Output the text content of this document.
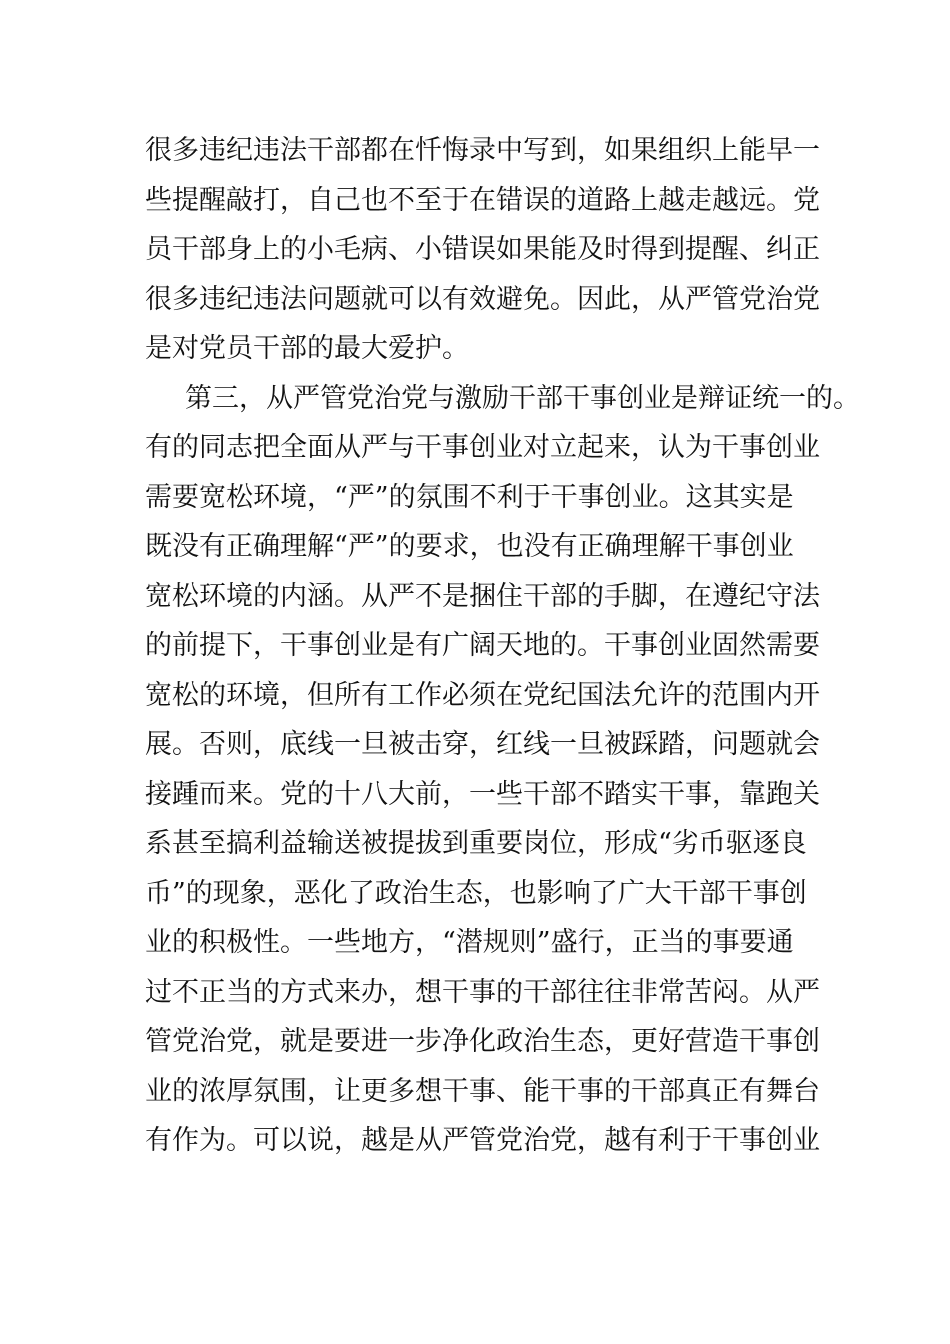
很多违纪违法干部都在忏悔录中写到，如果组织上能早一
些提醒敲打，自己也不至于在错误的道路上越走越远。党
员干部身上的小毛病、小错误如果能及时得到提醒、纠正
很多违纪违法问题就可以有效避免。因此，从严管党治党
是对党员干部的最大爱护。
第三，从严管党治党与激励干部干事创业是辩证统一的。
有的同志把全面从严与干事创业对立起来，认为干事创业
需要宽松环境，“严”的氛围不利于干事创业。这其实是
既没有正确理解“严”的要求，也没有正确理解干事创业
宽松环境的内涵。从严不是捆住干部的手脚，在遵纪守法
的前提下，干事创业是有广阔天地的。干事创业固然需要
宽松的环境，但所有工作必须在党纪国法允许的范围内开
展。否则，底线一旦被击穿，红线一旦被踩踏，问题就会
接踵而来。党的十八大前，一些干部不踏实干事，靠跑关
系甚至搞利益输送被提拔到重要岗位，形成“劣币驱逐良
币”的现象，恶化了政治生态，也影响了广大干部干事创
业的积极性。一些地方，“潜规则”盛行，正当的事要通
过不正当的方式来办，想干事的干部往往非常苦闷。从严
管党治党，就是要进一步净化政治生态，更好营造干事创
业的浓厚氛围，让更多想干事、能干事的干部真正有舞台
有作为。可以说，越是从严管党治党，越有利于干事创业
